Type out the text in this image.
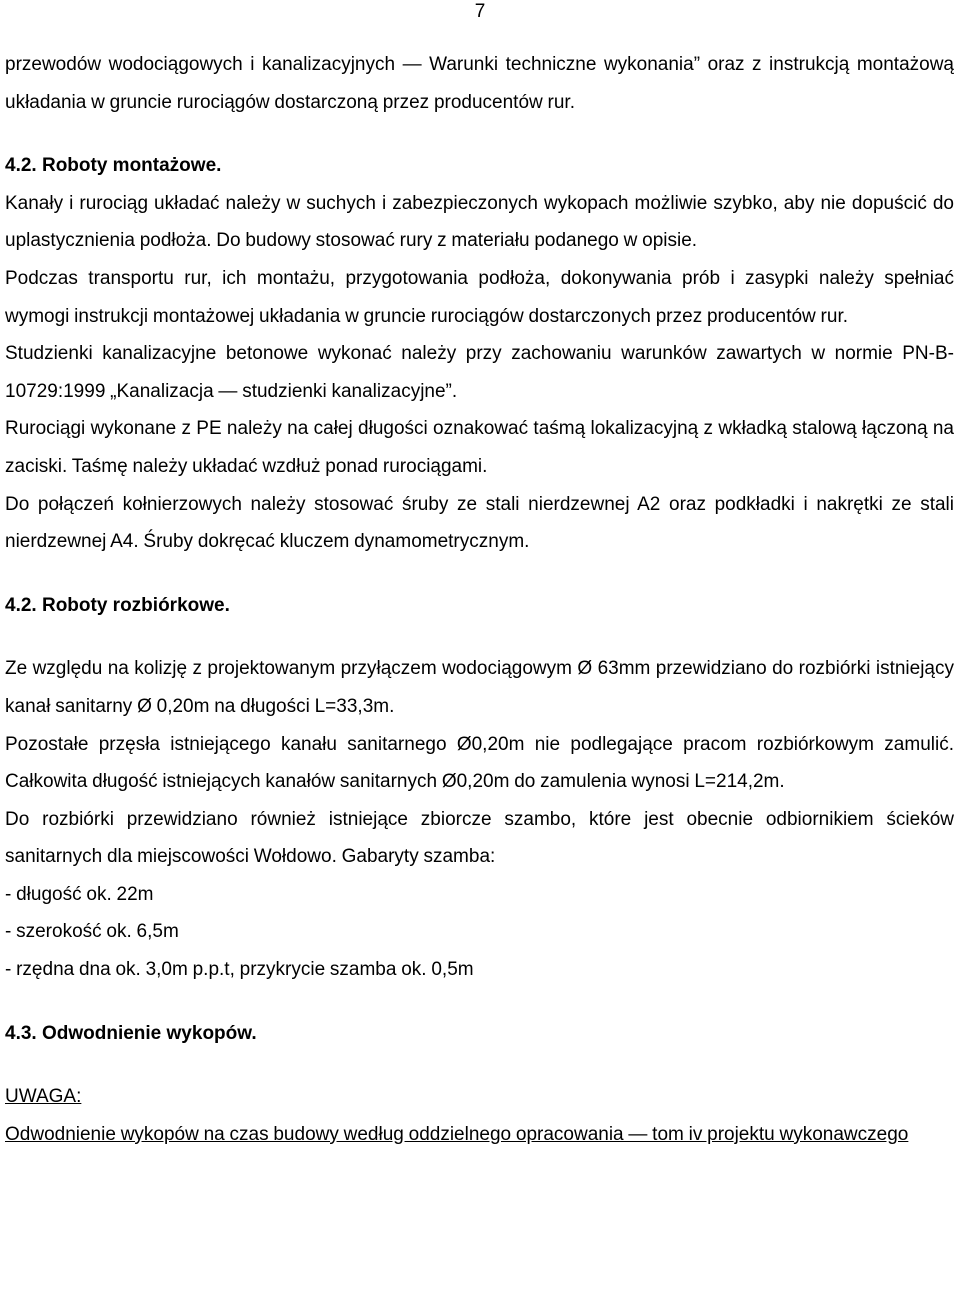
7

przewodów wodociągowych i kanalizacyjnych — Warunki techniczne wykonania” oraz z instrukcją montażową układania w gruncie rurociągów dostarczoną przez producentów rur.

4.2. Roboty montażowe.

Kanały i rurociąg układać należy w suchych i zabezpieczonych wykopach możliwie szybko, aby nie dopuścić do uplastycznienia podłoża. Do budowy stosować rury z materiału podanego w opisie.

Podczas transportu rur, ich montażu, przygotowania podłoża, dokonywania prób i zasypki należy spełniać wymogi instrukcji montażowej układania w gruncie rurociągów dostarczonych przez producentów rur.

Studzienki kanalizacyjne betonowe wykonać należy przy zachowaniu warunków zawartych w normie PN-B-10729:1999 „Kanalizacja — studzienki kanalizacyjne”.

Rurociągi wykonane z PE należy na całej długości oznakować taśmą lokalizacyjną z wkładką stalową łączoną na zaciski. Taśmę należy układać wzdłuż ponad rurociągami.

Do połączeń kołnierzowych należy stosować śruby ze stali nierdzewnej A2 oraz podkładki i nakrętki ze stali nierdzewnej A4. Śruby dokręcać kluczem dynamometrycznym.

4.2. Roboty rozbiórkowe.

Ze względu na kolizję z projektowanym przyłączem wodociągowym Ø 63mm przewidziano do rozbiórki istniejący kanał sanitarny Ø 0,20m na długości L=33,3m.

Pozostałe przęsła istniejącego kanału sanitarnego Ø0,20m nie podlegające pracom rozbiórkowym zamulić. Całkowita długość istniejących kanałów sanitarnych Ø0,20m do zamulenia wynosi L=214,2m.

Do rozbiórki przewidziano również istniejące zbiorcze szambo, które jest obecnie odbiornikiem ścieków sanitarnych dla miejscowości Wołdowo. Gabaryty szamba:

- długość ok. 22m

- szerokość ok. 6,5m

- rzędna dna ok. 3,0m p.p.t, przykrycie szamba ok. 0,5m

4.3. Odwodnienie wykopów.

UWAGA:

Odwodnienie wykopów na czas budowy według oddzielnego opracowania — tom iv projektu wykonawczego
